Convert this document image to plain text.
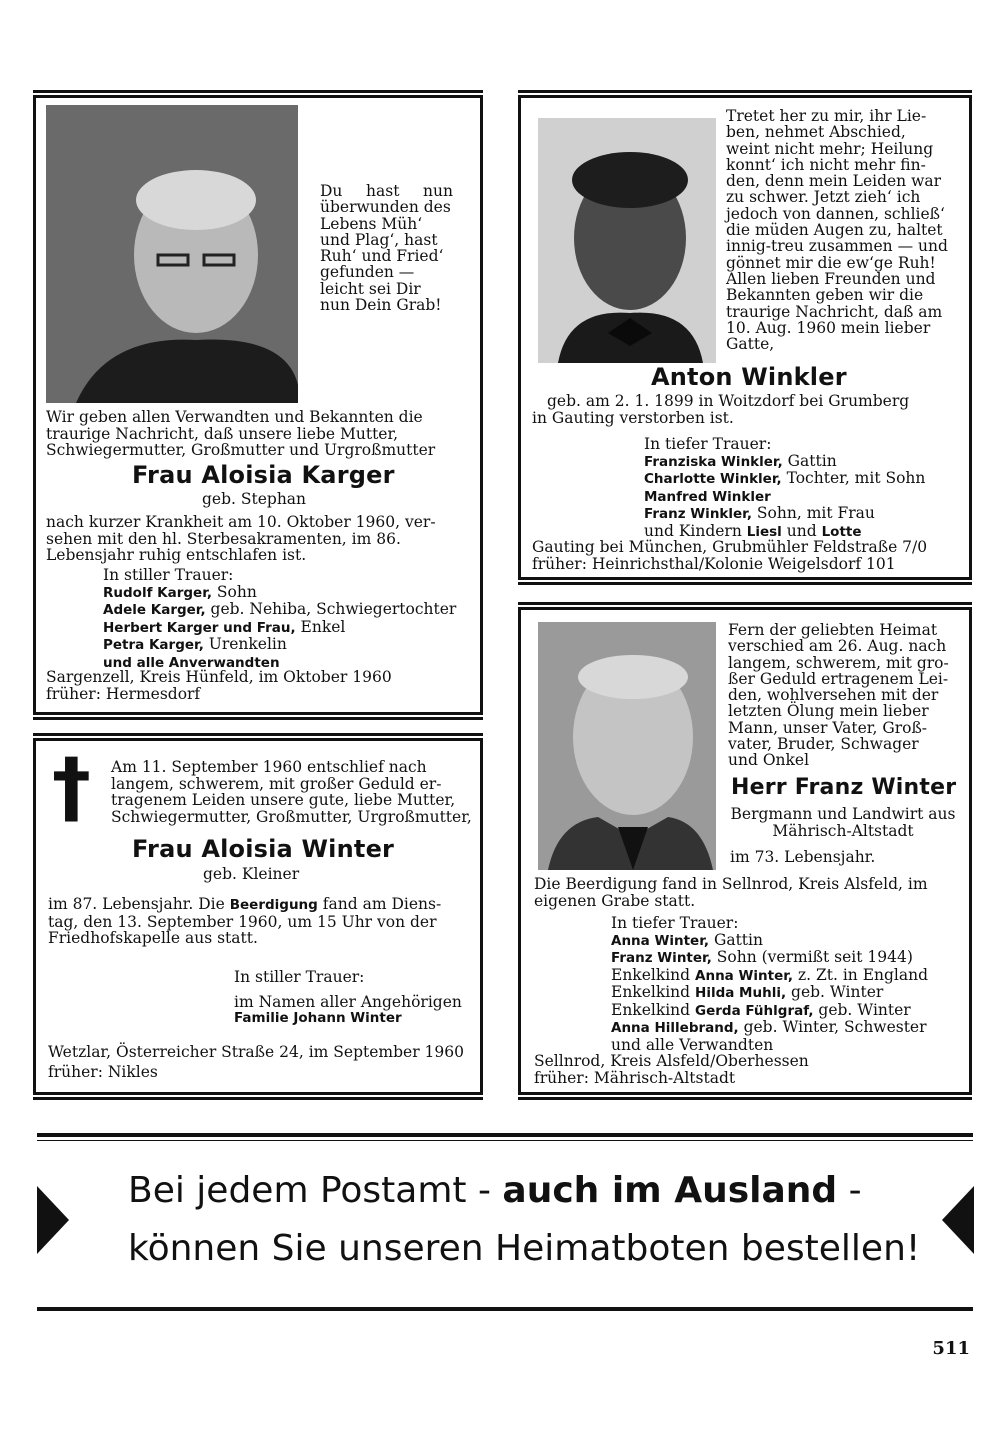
Du hast nun
überwunden des
Lebens Müh‘
und Plag‘, hast
Ruh‘ und Fried‘
gefunden —
leicht sei Dir
nun Dein Grab!
Wir geben allen Verwandten und Bekannten die
traurige Nachricht, daß unsere liebe Mutter,
Schwiegermutter, Großmutter und Urgroßmutter
Frau Aloisia Karger
geb. Stephan
nach kurzer Krankheit am 10. Oktober 1960, ver-
sehen mit den hl. Sterbesakramenten, im 86.
Lebensjahr ruhig entschlafen ist.
In stiller Trauer:
Rudolf Karger, Sohn
Adele Karger, geb. Nehiba, Schwiegertochter
Herbert Karger und Frau, Enkel
Petra Karger, Urenkelin
und alle Anverwandten
Sargenzell, Kreis Hünfeld, im Oktober 1960
früher: Hermesdorf
Tretet her zu mir, ihr Lie-
ben, nehmet Abschied,
weint nicht mehr; Heilung
konnt‘ ich nicht mehr fin-
den, denn mein Leiden war
zu schwer. Jetzt zieh‘ ich
jedoch von dannen, schließ‘
die müden Augen zu, haltet
innig-treu zusammen — und
gönnet mir die ew‘ge Ruh!
Allen lieben Freunden und
Bekannten geben wir die
traurige Nachricht, daß am
10. Aug. 1960 mein lieber
Gatte,
Anton Winkler
geb. am 2. 1. 1899 in Woitzdorf bei Grumberg
in Gauting verstorben ist.
In tiefer Trauer:
Franziska Winkler, Gattin
Charlotte Winkler, Tochter, mit Sohn
Manfred Winkler
Franz Winkler, Sohn, mit Frau
und Kindern Liesl und Lotte
Gauting bei München, Grubmühler Feldstraße 7/0
früher: Heinrichsthal/Kolonie Weigelsdorf 101
† Am 11. September 1960 entschlief nach
langem, schwerem, mit großer Geduld er-
tragenem Leiden unsere gute, liebe Mutter,
Schwiegermutter, Großmutter, Urgroßmutter,
Frau Aloisia Winter
geb. Kleiner
im 87. Lebensjahr. Die Beerdigung fand am Diens-
tag, den 13. September 1960, um 15 Uhr von der
Friedhofskapelle aus statt.
In stiller Trauer:
im Namen aller Angehörigen
Familie Johann Winter
Wetzlar, Österreicher Straße 24, im September 1960
früher: Nikles
Fern der geliebten Heimat
verschied am 26. Aug. nach
langem, schwerem, mit gro-
ßer Geduld ertragenem Lei-
den, wohlversehen mit der
letzten Ölung mein lieber
Mann, unser Vater, Groß-
vater, Bruder, Schwager
und Onkel
Herr Franz Winter
Bergmann und Landwirt aus
Mährisch-Altstadt
im 73. Lebensjahr.
Die Beerdigung fand in Sellnrod, Kreis Alsfeld, im
eigenen Grabe statt.
In tiefer Trauer:
Anna Winter, Gattin
Franz Winter, Sohn (vermißt seit 1944)
Enkelkind Anna Winter, z. Zt. in England
Enkelkind Hilda Muhli, geb. Winter
Enkelkind Gerda Fühlgraf, geb. Winter
Anna Hillebrand, geb. Winter, Schwester
und alle Verwandten
Sellnrod, Kreis Alsfeld/Oberhessen
früher: Mährisch-Altstadt
Bei jedem Postamt - auch im Ausland -
können Sie unseren Heimatboten bestellen!
511
